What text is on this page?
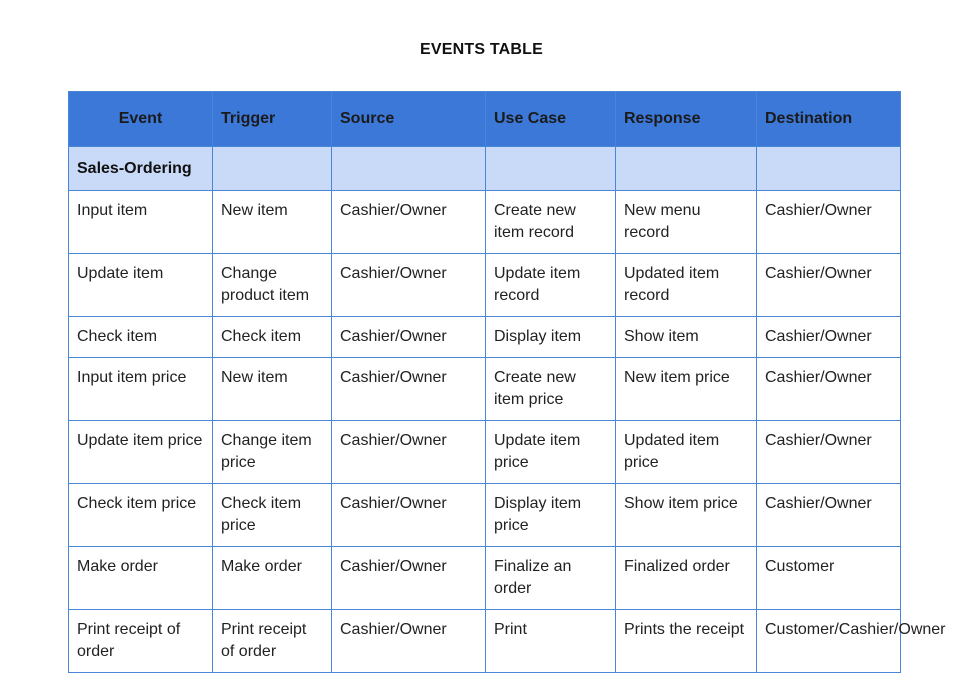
EVENTS TABLE
Event	Trigger	Source	Use Case	Response	Destination
Sales-Ordering					
Input item	New item	Cashier/Owner	Create new item record	New menu record	Cashier/Owner
Update item	Change product item	Cashier/Owner	Update item record	Updated item record	Cashier/Owner
Check item	Check item	Cashier/Owner	Display item	Show item	Cashier/Owner
Input item price	New item	Cashier/Owner	Create new item price	New item price	Cashier/Owner
Update item price	Change item price	Cashier/Owner	Update item price	Updated item price	Cashier/Owner
Check item price	Check item price	Cashier/Owner	Display item price	Show item price	Cashier/Owner
Make order	Make order	Cashier/Owner	Finalize an order	Finalized order	Customer
Print receipt of order	Print receipt of order	Cashier/Owner	Print	Prints the receipt	Customer/Cashier/Owner
